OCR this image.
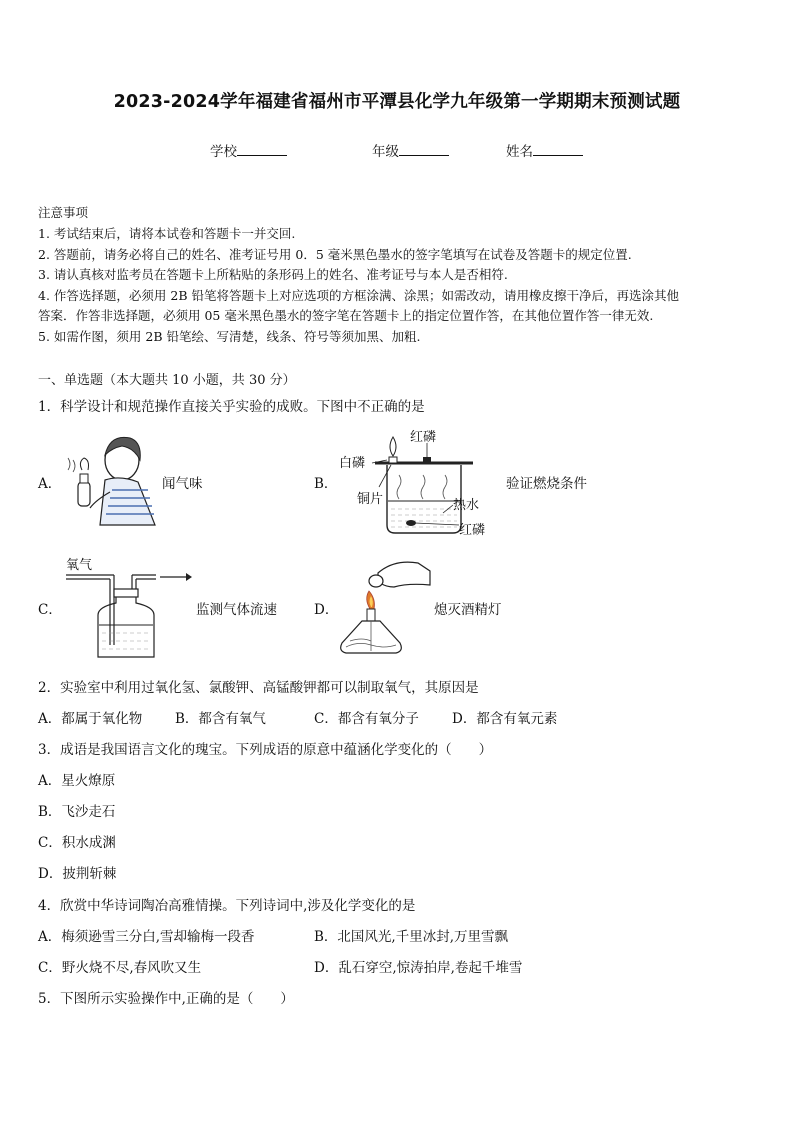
2023-2024学年福建省福州市平潭县化学九年级第一学期期末预测试题
学校	年级	姓名
注意事项
1. 考试结束后，请将本试卷和答题卡一并交回.
2. 答题前，请务必将自己的姓名、准考证号用 0．5 毫米黑色墨水的签字笔填写在试卷及答题卡的规定位置.
3. 请认真核对监考员在答题卡上所粘贴的条形码上的姓名、准考证号与本人是否相符.
4. 作答选择题，必须用 2B 铅笔将答题卡上对应选项的方框涂满、涂黑；如需改动，请用橡皮擦干净后，再选涂其他
答案．作答非选择题，必须用 05 毫米黑色墨水的签字笔在答题卡上的指定位置作答，在其他位置作答一律无效.
5. 如需作图，须用 2B 铅笔绘、写清楚，线条、符号等须加黑、加粗.
一、单选题（本大题共 10 小题，共 30 分）
1．科学设计和规范操作直接关乎实验的成败。下图中不正确的是
A．	闻气味	B．
红磷
白磷
铜片	热水
红磷
验证燃烧条件
C．
氧气
监测气体流速	D．	熄灭酒精灯
2．实验室中利用过氧化氢、氯酸钾、高锰酸钾都可以制取氧气，其原因是
A．都属于氧化物 B．都含有氧气	C．都含有氧分子 D．都含有氧元素
3．成语是我国语言文化的瑰宝。下列成语的原意中蕴涵化学变化的（　　）
A．星火燎原
B．飞沙走石
C．积水成渊
D．披荆斩棘
4．欣赏中华诗词陶冶高雅情操。下列诗词中,涉及化学变化的是
A．梅须逊雪三分白,雪却输梅一段香	B．北国风光,千里冰封,万里雪飘
C．野火烧不尽,春风吹又生	D．乱石穿空,惊涛拍岸,卷起千堆雪
5．下图所示实验操作中,正确的是（　　）
